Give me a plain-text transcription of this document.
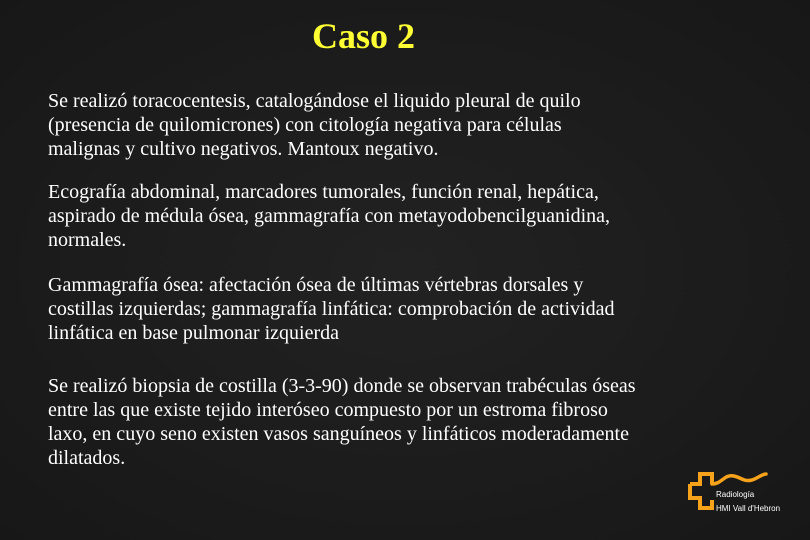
Caso 2
Se realizó toracocentesis, catalogándose el liquido pleural de quilo
(presencia de quilomicrones) con citología negativa para células
malignas y cultivo negativos. Mantoux negativo.
Ecografía abdominal, marcadores tumorales, función renal, hepática,
aspirado de médula ósea, gammagrafía con metayodobencilguanidina,
normales.
Gammagrafía ósea: afectación ósea de últimas vértebras dorsales y
costillas izquierdas; gammagrafía linfática: comprobación de actividad
linfática en base pulmonar izquierda
Se realizó biopsia de costilla (3-3-90) donde se observan trabéculas óseas
entre las que existe tejido interóseo compuesto por un estroma fibroso
laxo, en cuyo seno existen vasos sanguíneos y linfáticos moderadamente
dilatados.
Radiología
HMI Vall d'Hebron
